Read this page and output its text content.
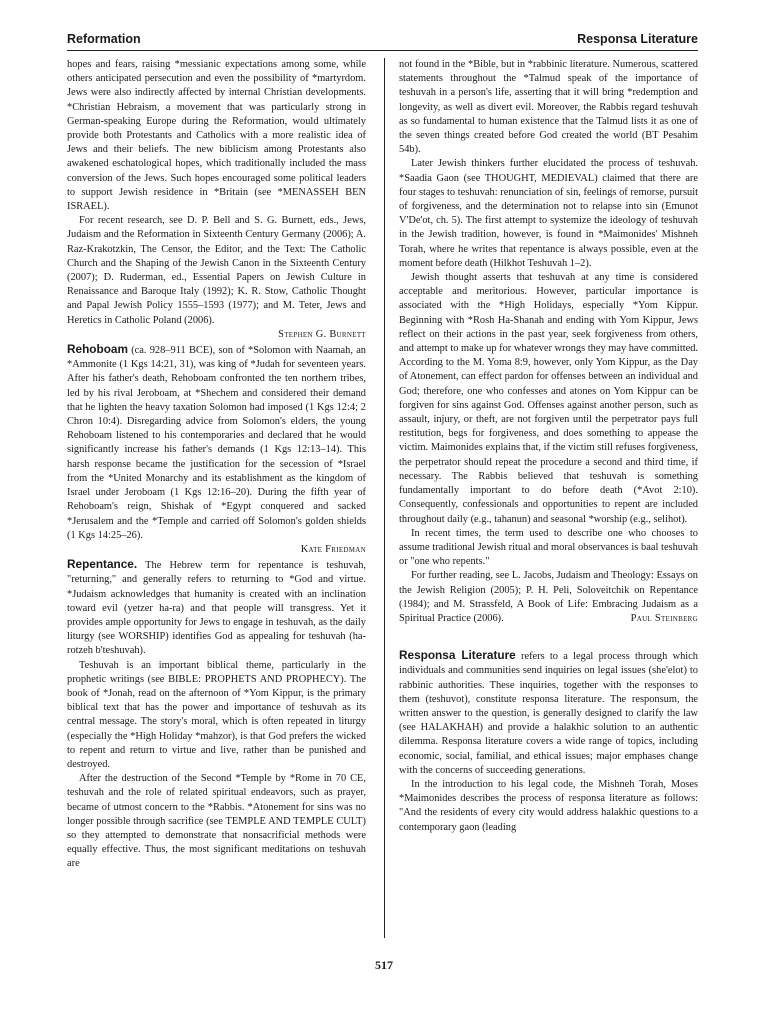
Reformation	Responsa Literature

hopes and fears, raising *messianic expectations among some, while others anticipated persecution and even the possibility of *martyrdom. Jews were also indirectly affected by internal Christian developments. *Christian Hebraism, a movement that was particularly strong in German-speaking Europe during the Reformation, would ultimately provide both Protestants and Catholics with a more realistic idea of Jews and their beliefs. The new biblicism among Protestants also awakened eschatological hopes, which traditionally included the mass conversion of the Jews. Such hopes encouraged some political leaders to support Jewish residence in *Britain (see *MENASSEH BEN ISRAEL).

For recent research, see D. P. Bell and S. G. Burnett, eds., Jews, Judaism and the Reformation in Sixteenth Century Germany (2006); A. Raz-Krakotzkin, The Censor, the Editor, and the Text: The Catholic Church and the Shaping of the Jewish Canon in the Sixteenth Century (2007); D. Ruderman, ed., Essential Papers on Jewish Culture in Renaissance and Baroque Italy (1992); K. R. Stow, Catholic Thought and Papal Jewish Policy 1555–1593 (1977); and M. Teter, Jews and Heretics in Catholic Poland (2006).

Stephen G. Burnett

Rehoboam (ca. 928–911 BCE), son of *Solomon with Naamah, an *Ammonite (1 Kgs 14:21, 31), was king of *Judah for seventeen years. After his father's death, Rehoboam confronted the ten northern tribes, led by his rival Jeroboam, at *Shechem and considered their demand that he lighten the heavy taxation Solomon had imposed (1 Kgs 12:4; 2 Chron 10:4). Disregarding advice from Solomon's elders, the young Rehoboam listened to his contemporaries and declared that he would significantly increase his father's demands (1 Kgs 12:13–14). This harsh response became the justification for the secession of *Israel from the *United Monarchy and its establishment as the kingdom of Israel under Jeroboam (1 Kgs 12:16–20). During the fifth year of Rehoboam's reign, Shishak of *Egypt conquered and sacked *Jerusalem and the *Temple and carried off Solomon's golden shields (1 Kgs 14:25–26).

Kate Friedman

Repentance. The Hebrew term for repentance is teshuvah, "returning," and generally refers to returning to *God and virtue. *Judaism acknowledges that humanity is created with an inclination toward evil (yetzer ha-ra) and that people will transgress. Yet it provides ample opportunity for Jews to engage in teshuvah, as the daily liturgy (see WORSHIP) identifies God as appealing for teshuvah (ha-rotzeh b'teshuvah).

Teshuvah is an important biblical theme, particularly in the prophetic writings (see BIBLE: PROPHETS AND PROPHECY). The book of *Jonah, read on the afternoon of *Yom Kippur, is the primary biblical text that has the power and importance of teshuvah as its central message. The story's moral, which is often repeated in liturgy (especially the *High Holiday *mahzor), is that God prefers the wicked to repent and return to virtue and live, rather than be punished and destroyed.

After the destruction of the Second *Temple by *Rome in 70 CE, teshuvah and the role of related spiritual endeavors, such as prayer, became of utmost concern to the *Rabbis. *Atonement for sins was no longer possible through sacrifice (see TEMPLE AND TEMPLE CULT) so they attempted to demonstrate that nonsacrificial methods were equally effective. Thus, the most significant meditations on teshuvah are

not found in the *Bible, but in *rabbinic literature. Numerous, scattered statements throughout the *Talmud speak of the importance of teshuvah in a person's life, asserting that it will bring *redemption and longevity, as well as divert evil. Moreover, the Rabbis regard teshuvah as so fundamental to human existence that the Talmud lists it as one of the seven things created before God created the world (BT Pesahim 54b).

Later Jewish thinkers further elucidated the process of teshuvah. *Saadia Gaon (see THOUGHT, MEDIEVAL) claimed that there are four stages to teshuvah: renunciation of sin, feelings of remorse, pursuit of forgiveness, and the determination not to relapse into sin (Emunot V'De'ot, ch. 5). The first attempt to systemize the ideology of teshuvah in the Jewish tradition, however, is found in *Maimonides' Mishneh Torah, where he writes that repentance is always possible, even at the moment before death (Hilkhot Teshuvah 1–2).

Jewish thought asserts that teshuvah at any time is considered acceptable and meritorious. However, particular importance is associated with the *High Holidays, especially *Yom Kippur. Beginning with *Rosh Ha-Shanah and ending with Yom Kippur, Jews reflect on their actions in the past year, seek forgiveness from others, and attempt to make up for whatever wrongs they may have committed. According to the M. Yoma 8:9, however, only Yom Kippur, as the Day of Atonement, can effect pardon for offenses between an individual and God; therefore, one who confesses and atones on Yom Kippur can be forgiven for sins against God. Offenses against another person, such as assault, injury, or theft, are not forgiven until the perpetrator pays full restitution, begs for forgiveness, and does something to appease the victim. Maimonides explains that, if the victim still refuses forgiveness, the perpetrator should repeat the procedure a second and third time, if necessary. The Rabbis believed that teshuvah is something fundamentally important to do before death (*Avot 2:10). Consequently, confessionals and opportunities to repent are included throughout daily (e.g., tahanun) and seasonal *worship (e.g., selihot).

In recent times, the term used to describe one who chooses to assume traditional Jewish ritual and moral observances is baal teshuvah or "one who repents."

For further reading, see L. Jacobs, Judaism and Theology: Essays on the Jewish Religion (2005); P. H. Peli, Soloveitchik on Repentance (1984); and M. Strassfeld, A Book of Life: Embracing Judaism as a Spiritual Practice (2006).	Paul Steinberg

Responsa Literature refers to a legal process through which individuals and communities send inquiries on legal issues (she'elot) to rabbinic authorities. These inquiries, together with the responses to them (teshuvot), constitute responsa literature. The responsum, the written answer to the question, is generally designed to clarify the law (see HALAKHAH) and provide a halakhic solution to an authentic dilemma. Responsa literature covers a wide range of topics, including economic, social, familial, and ethical issues; major emphases change with the concerns of succeeding generations.

In the introduction to his legal code, the Mishneh Torah, Moses *Maimonides describes the process of responsa literature as follows: "And the residents of every city would address halakhic questions to a contemporary gaon (leading

517
